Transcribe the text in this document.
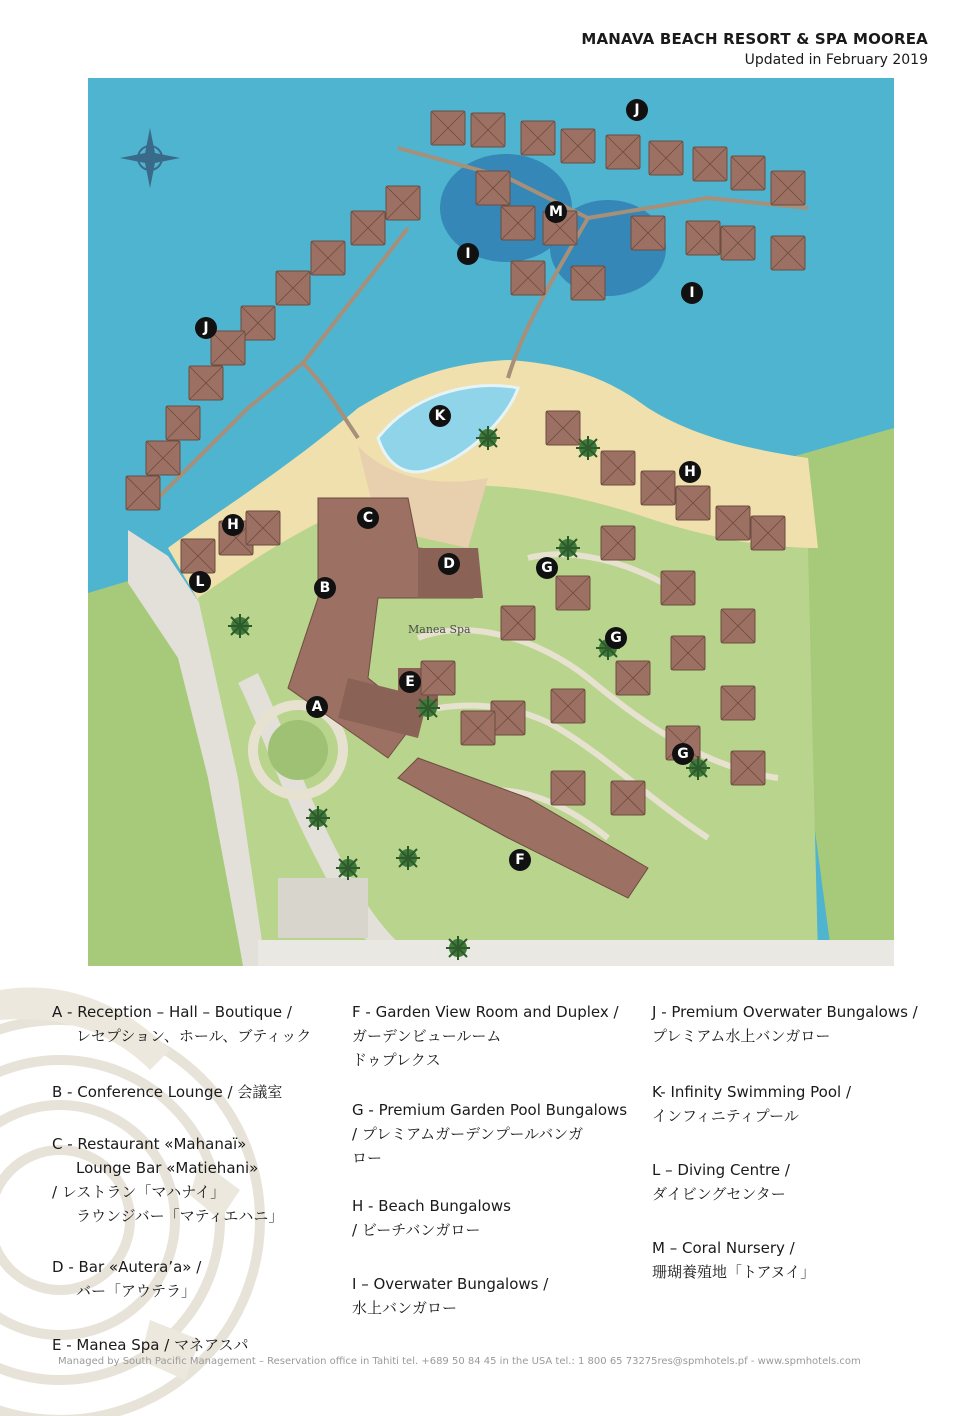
MANAVA BEACH RESORT & SPA MOOREA
Updated in February 2019
Manea Spa
J
M
I
I
J
K
H
H	C
G
D
L	B
G
E
A
G
F
A - Reception – Hall – Boutique /
レセプション、ホール、ブティック
B - Conference Lounge / 会議室
C - Restaurant «Mahanaï»
Lounge Bar «Matiehani»
/ レストラン「マハナイ」
ラウンジバー「マティエハニ」
D - Bar «Autera’a» /
バー「アウテラ」
E - Manea Spa / マネアスパ
F - Garden View Room and Duplex /
ガーデンビュールーム
ドゥプレクス
G - Premium Garden Pool Bungalows
/ プレミアムガーデンプールバンガ
ロー
H - Beach Bungalows
/ ビーチバンガロー
I – Overwater Bungalows /
水上バンガロー
J - Premium Overwater Bungalows /
プレミアム水上バンガロー
K- Infinity Swimming Pool /
インフィニティプール
L – Diving Centre /
ダイビングセンター
M – Coral Nursery /
珊瑚養殖地「トアヌイ」
Managed by South Pacific Management – Reservation office in Tahiti tel. +689 50 84 45 in the USA tel.: 1 800 65 73275res@spmhotels.pf - www.spmhotels.com
